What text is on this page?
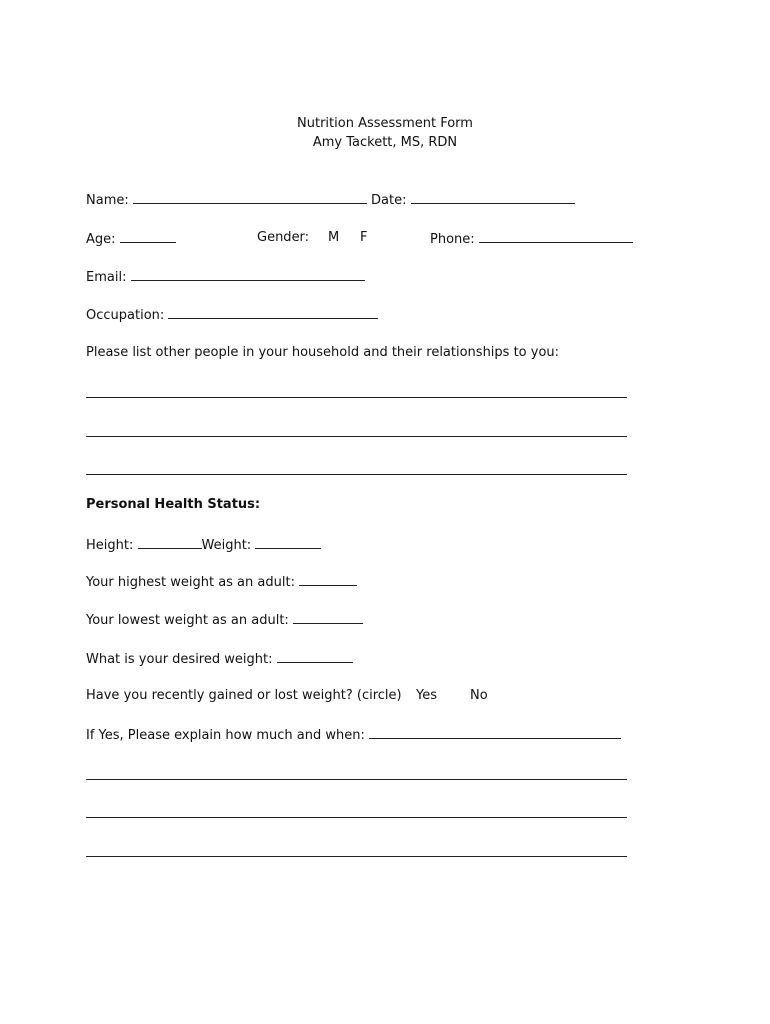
Nutrition Assessment Form
Amy Tackett, MS, RDN
Name:	Date:
Age:	Gender: M F	Phone:
Email:
Occupation:
Please list other people in your household and their relationships to you:
Personal Health Status:
Height:	Weight:
Your highest weight as an adult:
Your lowest weight as an adult:
What is your desired weight:
Have you recently gained or lost weight? (circle) Yes	No
If Yes, Please explain how much and when:
